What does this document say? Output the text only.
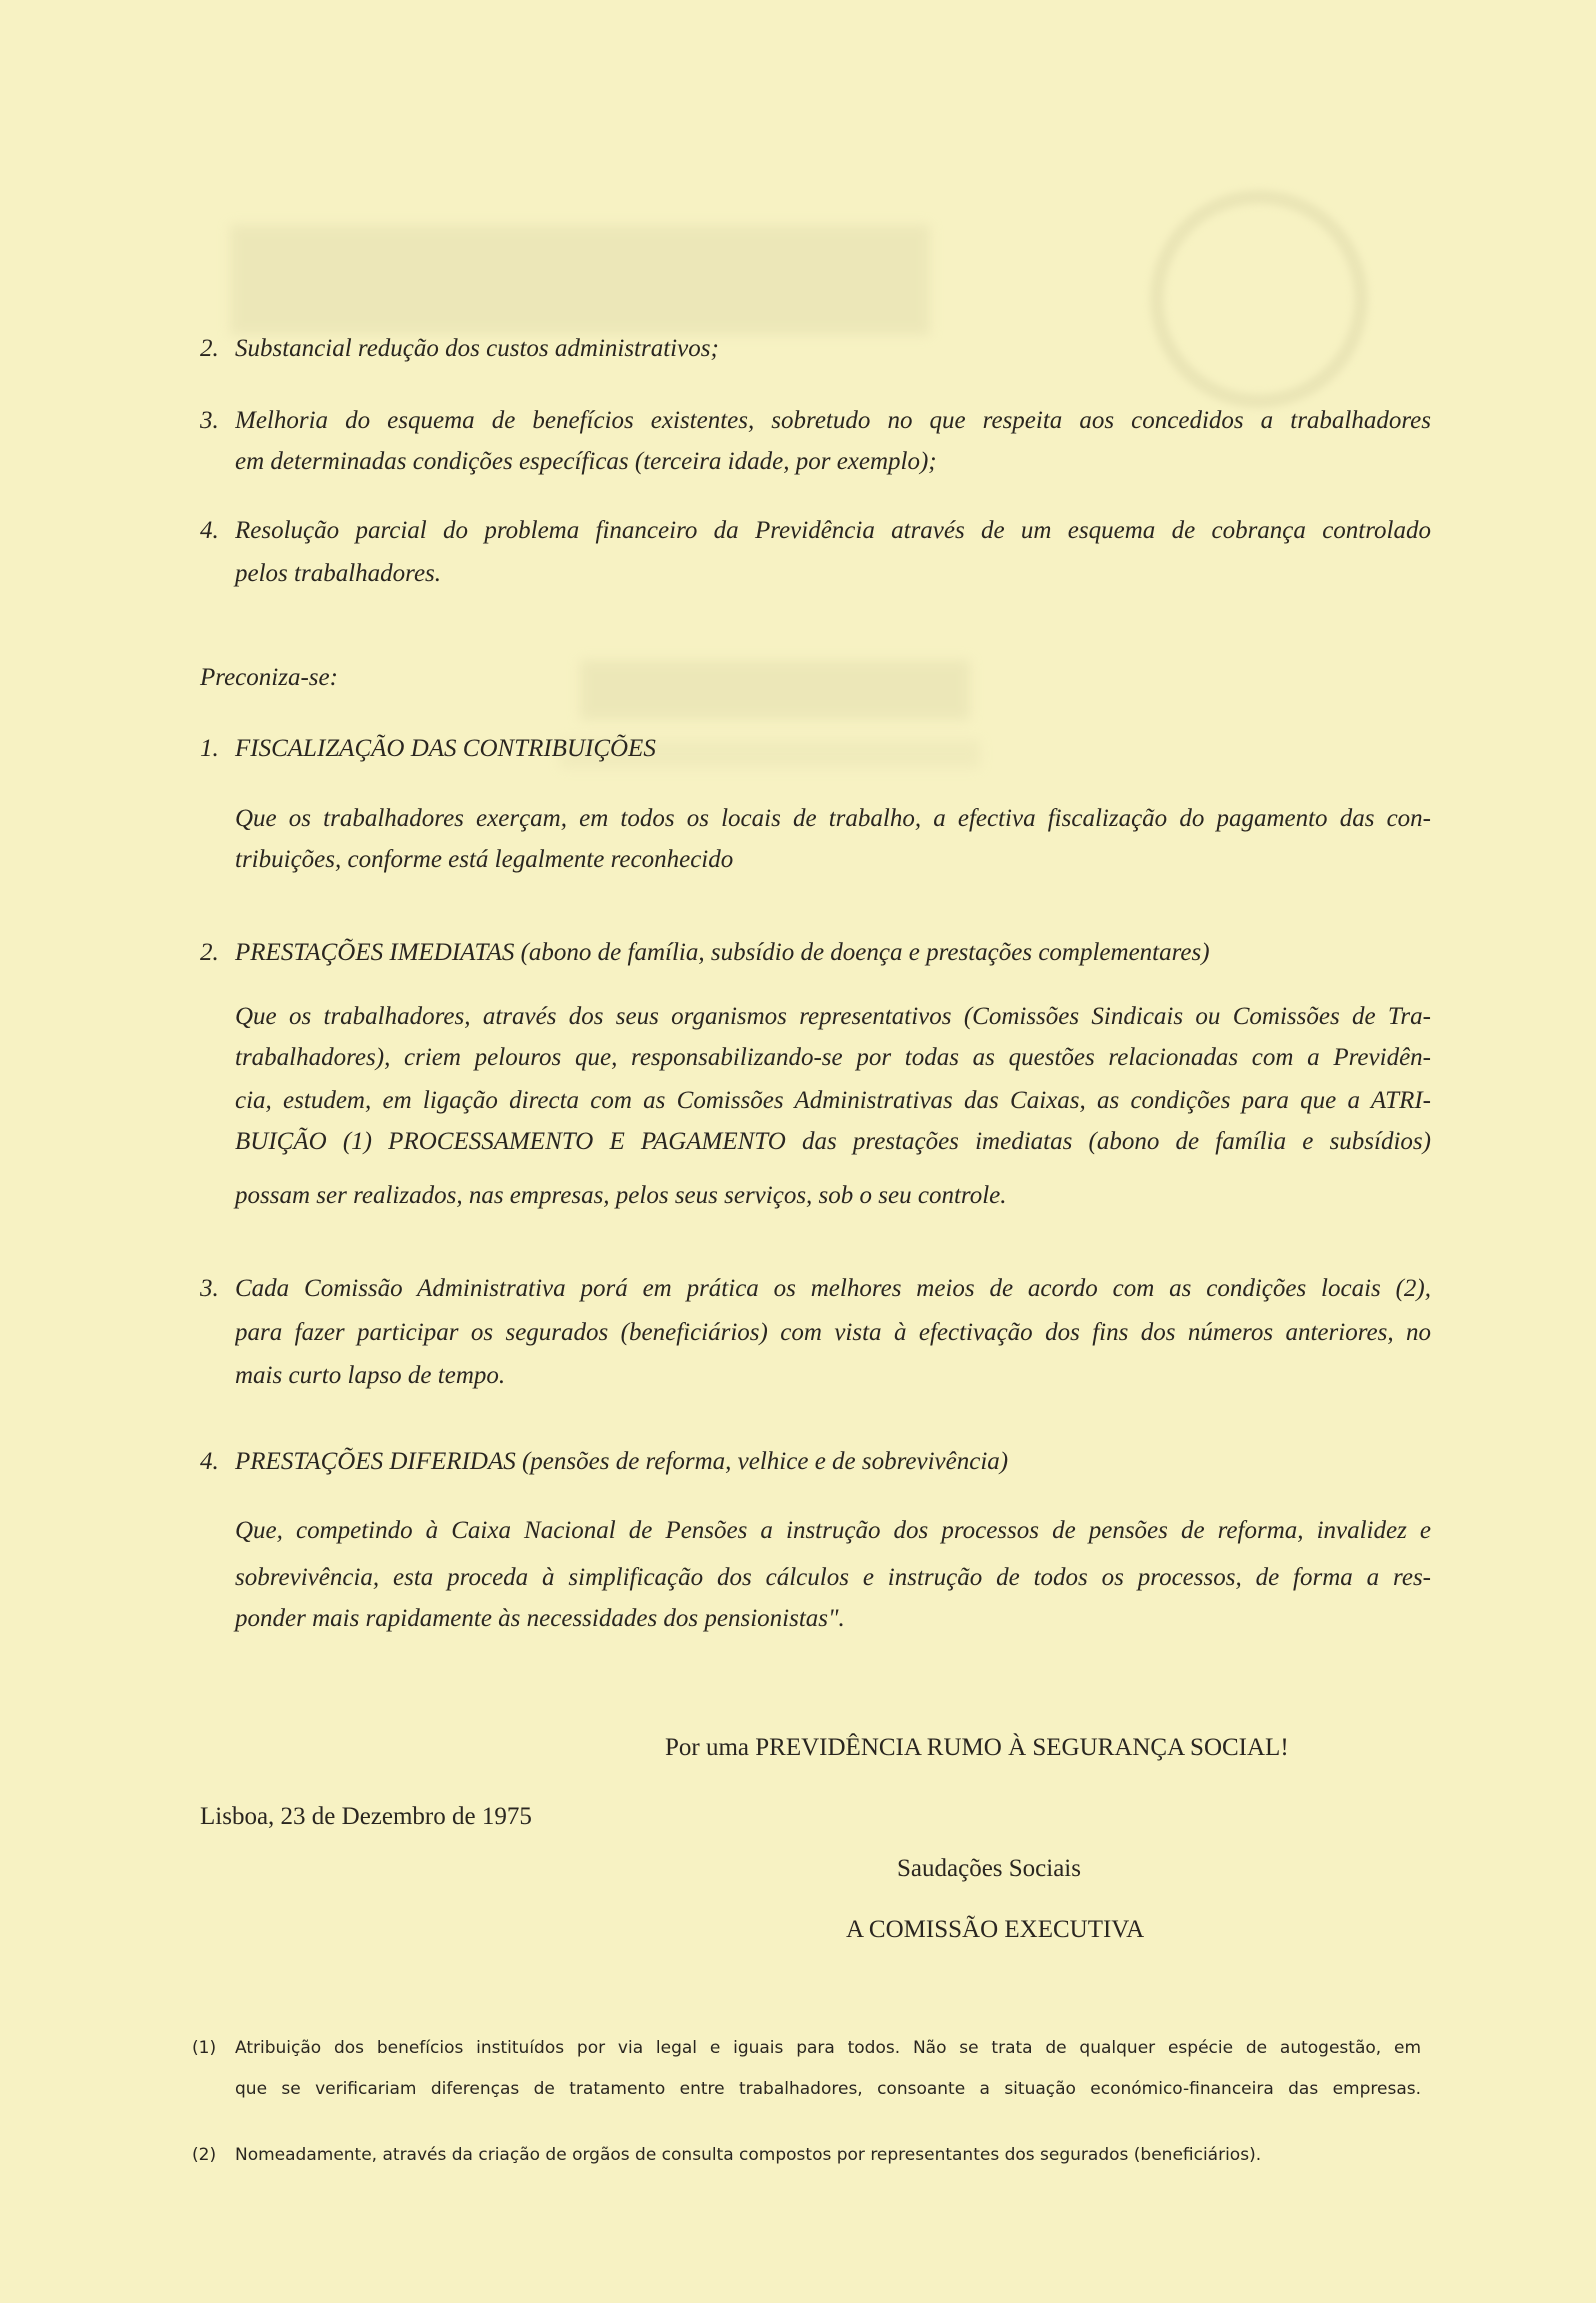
2. Substancial redução dos custos administrativos;
3. Melhoria do esquema de benefícios existentes, sobretudo no que respeita aos concedidos a trabalhadores
em determinadas condições específicas (terceira idade, por exemplo);
4. Resolução parcial do problema financeiro da Previdência através de um esquema de cobrança controlado
pelos trabalhadores.
Preconiza-se:
1. FISCALIZAÇÃO DAS CONTRIBUIÇÕES
Que os trabalhadores exerçam, em todos os locais de trabalho, a efectiva fiscalização do pagamento das con-
tribuições, conforme está legalmente reconhecido
2. PRESTAÇÕES IMEDIATAS (abono de família, subsídio de doença e prestações complementares)
Que os trabalhadores, através dos seus organismos representativos (Comissões Sindicais ou Comissões de Tra-
trabalhadores), criem pelouros que, responsabilizando-se por todas as questões relacionadas com a Previdên-
cia, estudem, em ligação directa com as Comissões Administrativas das Caixas, as condições para que a ATRI-
BUIÇÃO (1) PROCESSAMENTO E PAGAMENTO das prestações imediatas (abono de família e subsídios)
possam ser realizados, nas empresas, pelos seus serviços, sob o seu controle.
3. Cada Comissão Administrativa porá em prática os melhores meios de acordo com as condições locais (2),
para fazer participar os segurados (beneficiários) com vista à efectivação dos fins dos números anteriores, no
mais curto lapso de tempo.
4. PRESTAÇÕES DIFERIDAS (pensões de reforma, velhice e de sobrevivência)
Que, competindo à Caixa Nacional de Pensões a instrução dos processos de pensões de reforma, invalidez e
sobrevivência, esta proceda à simplificação dos cálculos e instrução de todos os processos, de forma a res-
ponder mais rapidamente às necessidades dos pensionistas".
Por uma PREVIDÊNCIA RUMO À SEGURANÇA SOCIAL!
Lisboa, 23 de Dezembro de 1975
Saudações Sociais
A COMISSÃO EXECUTIVA
(1) Atribuição dos benefícios instituídos por via legal e iguais para todos. Não se trata de qualquer espécie de autogestão, em
que se verificariam diferenças de tratamento entre trabalhadores, consoante a situação económico-financeira das empresas.
(2) Nomeadamente, através da criação de orgãos de consulta compostos por representantes dos segurados (beneficiários).
